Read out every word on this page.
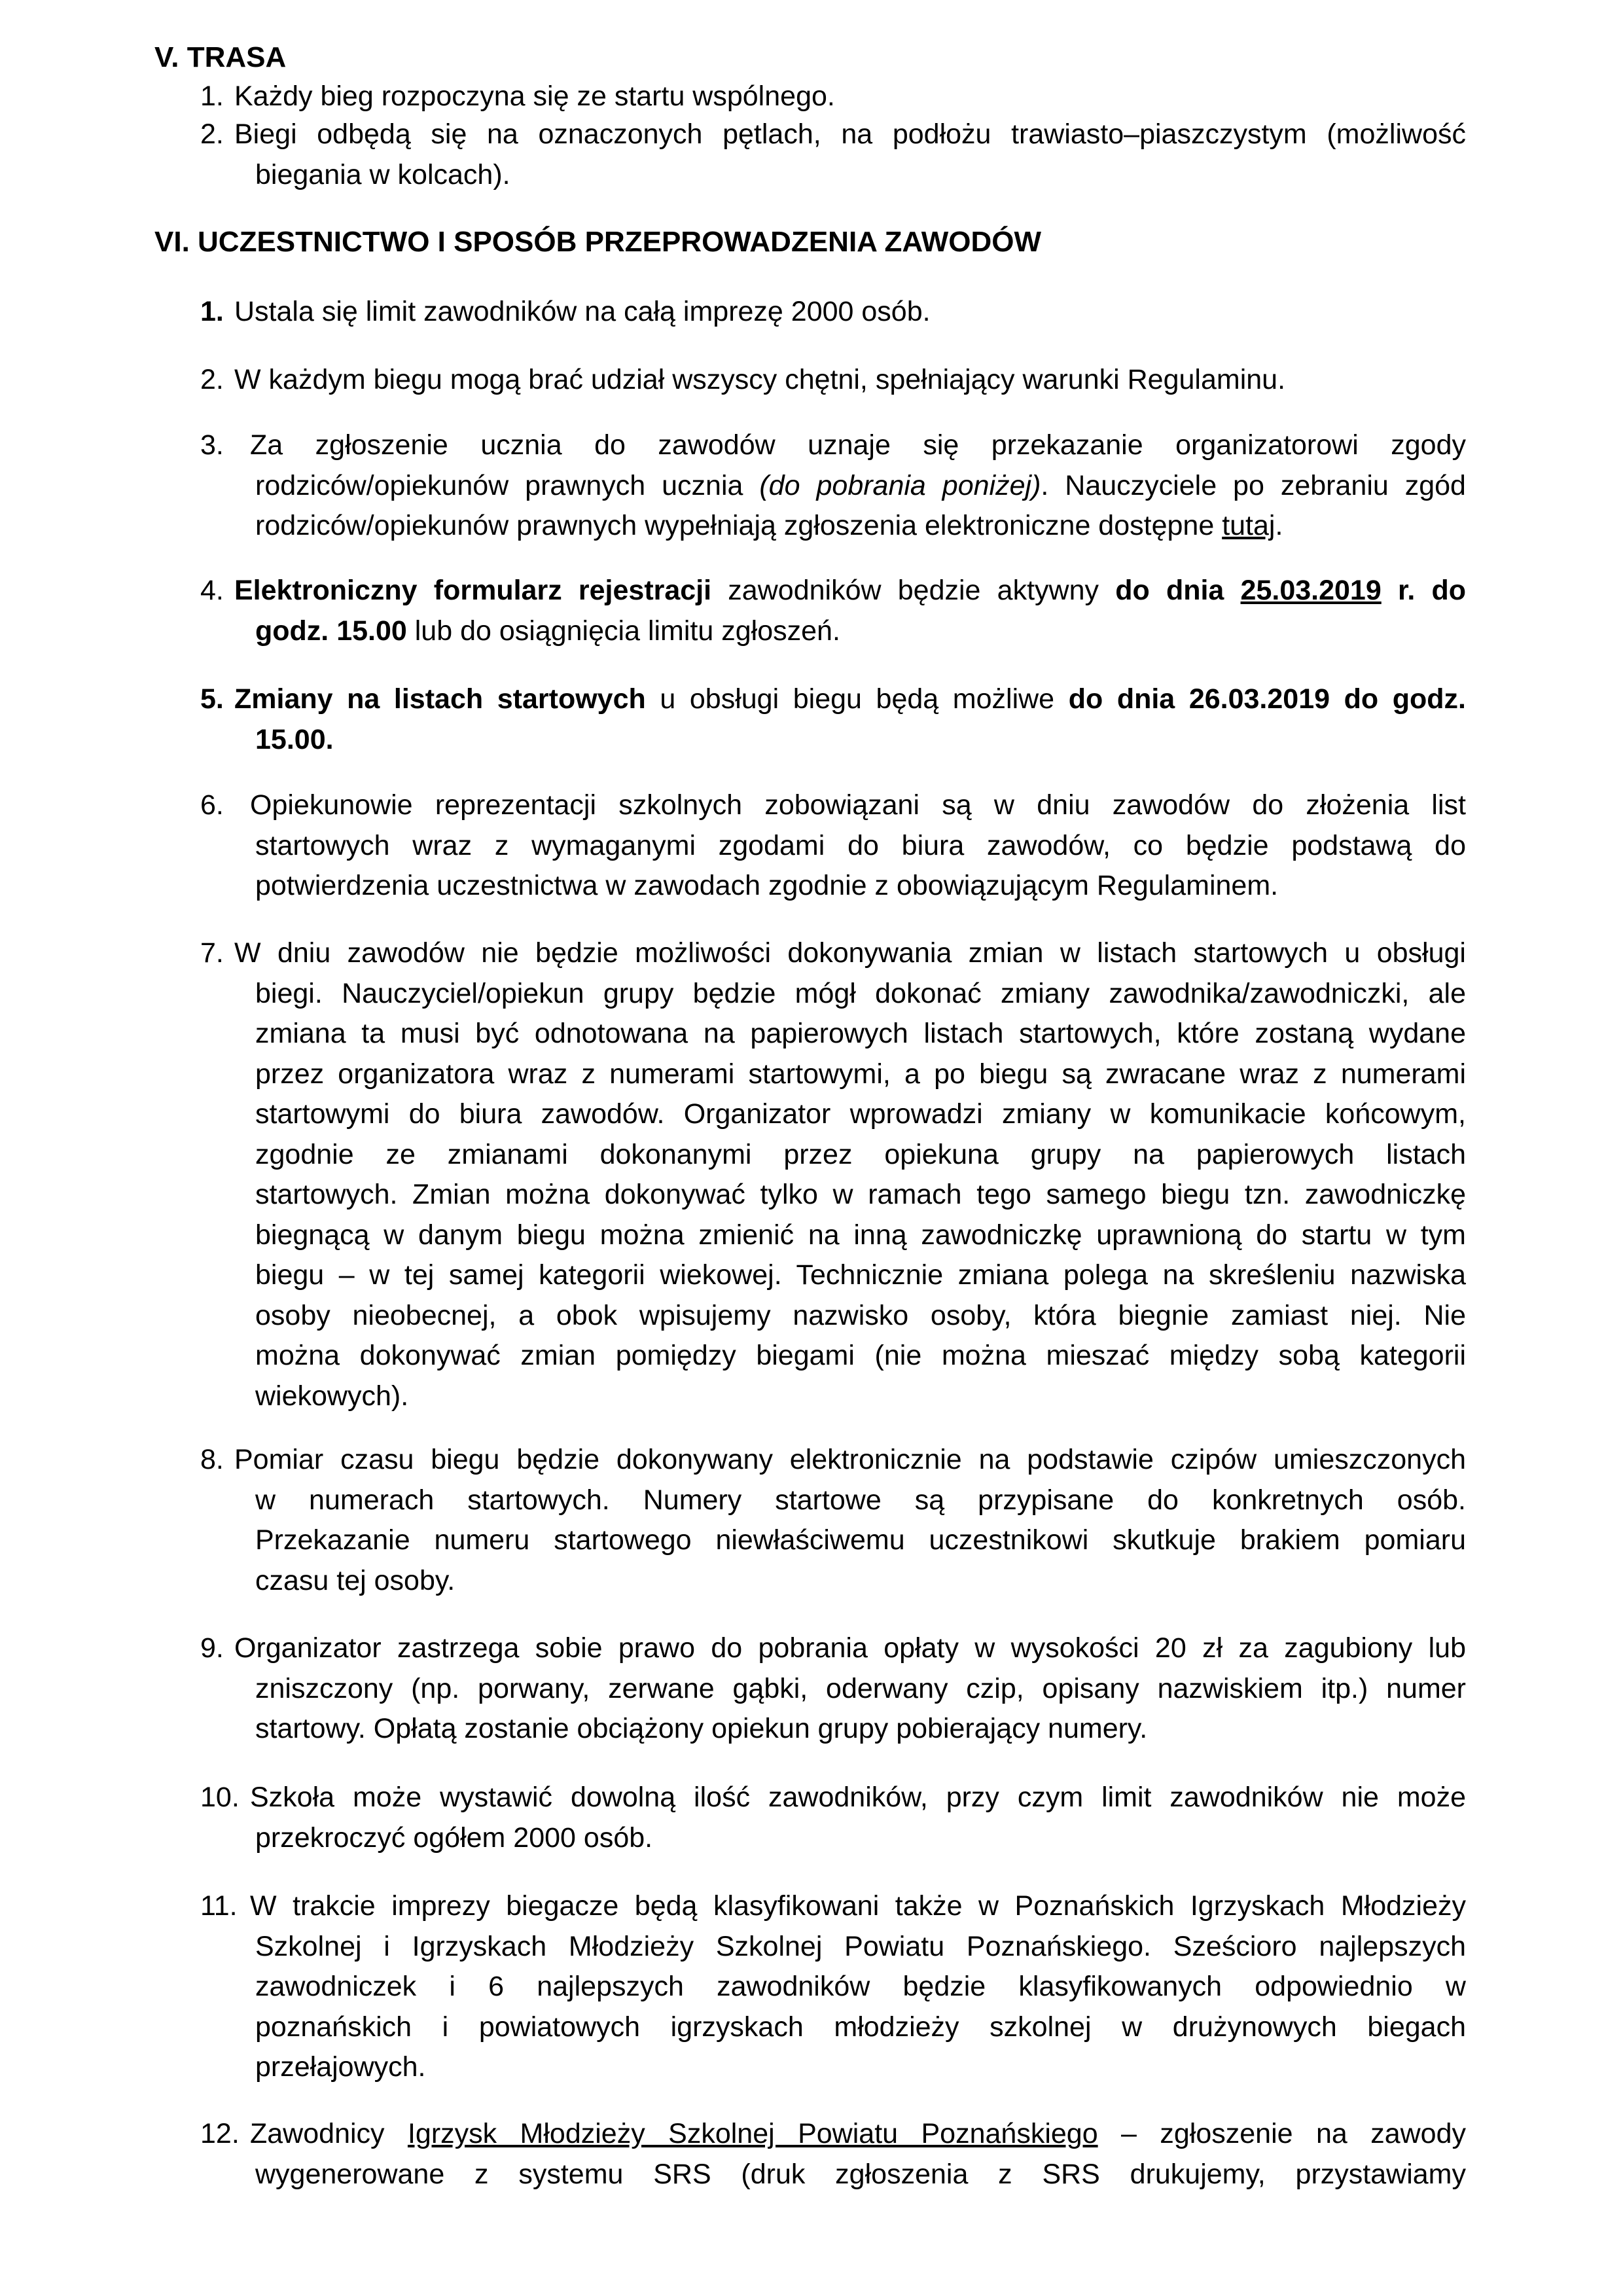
V. TRASA
1. Każdy bieg rozpoczyna się ze startu wspólnego.
2. Biegi odbędą się na oznaczonych pętlach, na podłożu trawiasto–piaszczystym (możliwość
biegania w kolcach).
VI. UCZESTNICTWO I SPOSÓB PRZEPROWADZENIA ZAWODÓW
1. Ustala się limit zawodników na całą imprezę 2000 osób.
2. W każdym biegu mogą brać udział wszyscy chętni, spełniający warunki Regulaminu.
3. Za zgłoszenie ucznia do zawodów uznaje się przekazanie organizatorowi zgody
rodziców/opiekunów prawnych ucznia (do pobrania poniżej). Nauczyciele po zebraniu zgód
rodziców/opiekunów prawnych wypełniają zgłoszenia elektroniczne dostępne tutaj.
4. Elektroniczny formularz rejestracji zawodników będzie aktywny do dnia 25.03.2019 r. do
godz. 15.00 lub do osiągnięcia limitu zgłoszeń.
5. Zmiany na listach startowych u obsługi biegu będą możliwe do dnia 26.03.2019 do godz.
15.00.
6. Opiekunowie reprezentacji szkolnych zobowiązani są w dniu zawodów do złożenia list
startowych wraz z wymaganymi zgodami do biura zawodów, co będzie podstawą do
potwierdzenia uczestnictwa w zawodach zgodnie z obowiązującym Regulaminem.
7. W dniu zawodów nie będzie możliwości dokonywania zmian w listach startowych u obsługi
biegi. Nauczyciel/opiekun grupy będzie mógł dokonać zmiany zawodnika/zawodniczki, ale
zmiana ta musi być odnotowana na papierowych listach startowych, które zostaną wydane
przez organizatora wraz z numerami startowymi, a po biegu są zwracane wraz z numerami
startowymi do biura zawodów. Organizator wprowadzi zmiany w komunikacie końcowym,
zgodnie ze zmianami dokonanymi przez opiekuna grupy na papierowych listach
startowych. Zmian można dokonywać tylko w ramach tego samego biegu tzn. zawodniczkę
biegnącą w danym biegu można zmienić na inną zawodniczkę uprawnioną do startu w tym
biegu – w tej samej kategorii wiekowej. Technicznie zmiana polega na skreśleniu nazwiska
osoby nieobecnej, a obok wpisujemy nazwisko osoby, która biegnie zamiast niej. Nie
można dokonywać zmian pomiędzy biegami (nie można mieszać między sobą kategorii
wiekowych).
8. Pomiar czasu biegu będzie dokonywany elektronicznie na podstawie czipów umieszczonych
w numerach startowych. Numery startowe są przypisane do konkretnych osób.
Przekazanie numeru startowego niewłaściwemu uczestnikowi skutkuje brakiem pomiaru
czasu tej osoby.
9. Organizator zastrzega sobie prawo do pobrania opłaty w wysokości 20 zł za zagubiony lub
zniszczony (np. porwany, zerwane gąbki, oderwany czip, opisany nazwiskiem itp.) numer
startowy. Opłatą zostanie obciążony opiekun grupy pobierający numery.
10. Szkoła może wystawić dowolną ilość zawodników, przy czym limit zawodników nie może
przekroczyć ogółem 2000 osób.
11. W trakcie imprezy biegacze będą klasyfikowani także w Poznańskich Igrzyskach Młodzieży
Szkolnej i Igrzyskach Młodzieży Szkolnej Powiatu Poznańskiego. Sześcioro najlepszych
zawodniczek i 6 najlepszych zawodników będzie klasyfikowanych odpowiednio w
poznańskich i powiatowych igrzyskach młodzieży szkolnej w drużynowych biegach
przełajowych.
12. Zawodnicy Igrzysk Młodzieży Szkolnej Powiatu Poznańskiego – zgłoszenie na zawody
wygenerowane z systemu SRS (druk zgłoszenia z SRS drukujemy, przystawiamy
